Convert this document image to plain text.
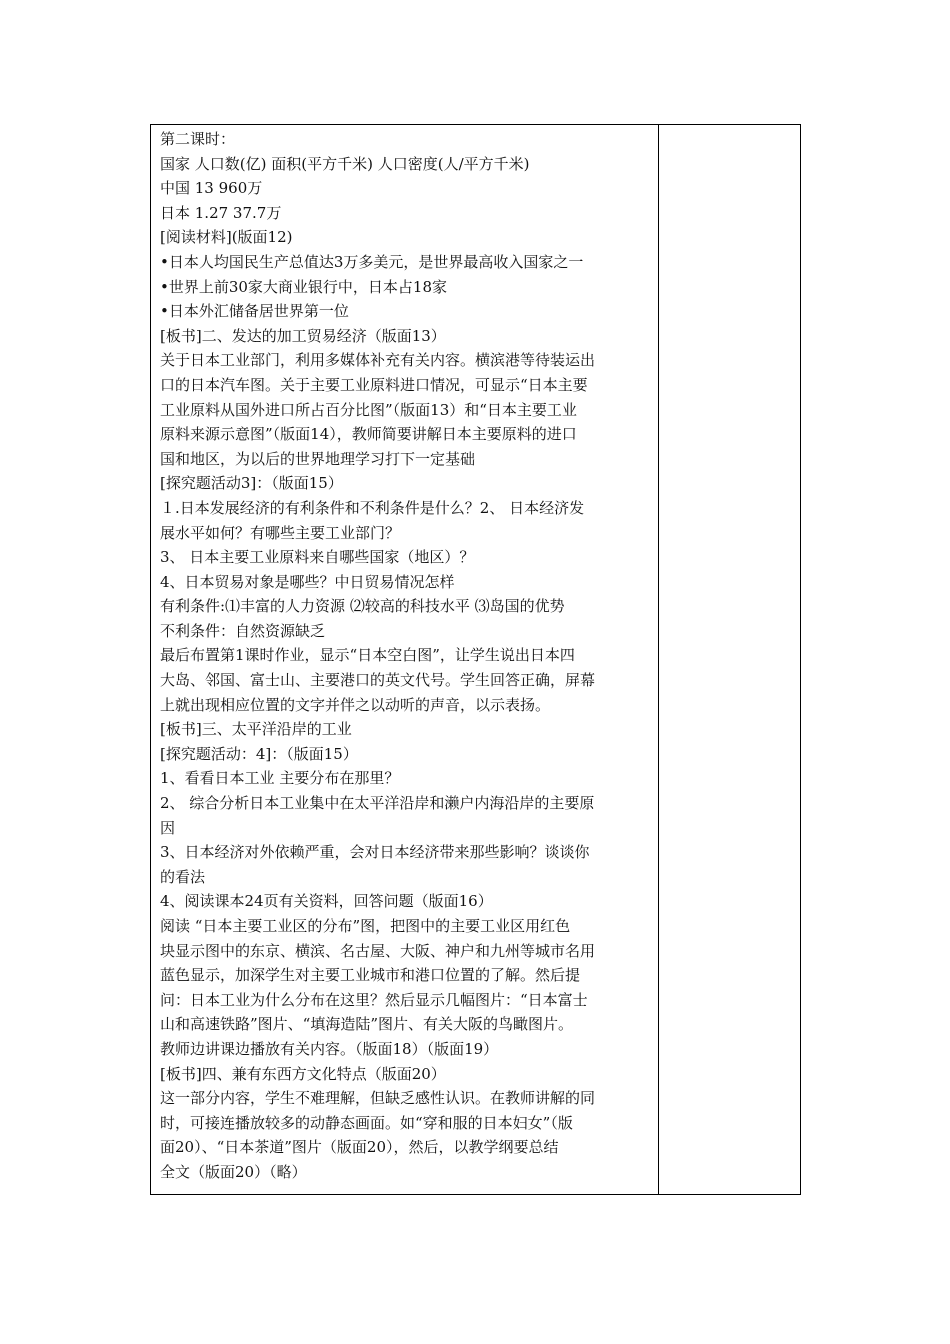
第二课时：
国家 人口数(亿) 面积(平方千米) 人口密度(人/平方千米)
中国 13 960万
日本 1.27 37.7万
[阅读材料](版面12)
•日本人均国民生产总值达3万多美元，是世界最高收入国家之一
•世界上前30家大商业银行中，日本占18家
•日本外汇储备居世界第一位
[板书]二、发达的加工贸易经济（版面13）
关于日本工业部门，利用多媒体补充有关内容。横滨港等待装运出
口的日本汽车图。关于主要工业原料进口情况，可显示“日本主要
工业原料从国外进口所占百分比图”（版面13）和“日本主要工业
原料来源示意图”（版面14），教师简要讲解日本主要原料的进口
国和地区，为以后的世界地理学习打下一定基础
[探究题活动3]：（版面15）
１.日本发展经济的有利条件和不利条件是什么？2、 日本经济发
展水平如何？有哪些主要工业部门？
3、 日本主要工业原料来自哪些国家（地区）？
4、日本贸易对象是哪些？中日贸易情况怎样
有利条件:⑴丰富的人力资源 ⑵较高的科技水平 ⑶岛国的优势
不利条件：自然资源缺乏
最后布置第1课时作业，显示“日本空白图”，让学生说出日本四
大岛、邻国、富士山、主要港口的英文代号。学生回答正确，屏幕
上就出现相应位置的文字并伴之以动听的声音，以示表扬。
[板书]三、太平洋沿岸的工业
[探究题活动：4]：（版面15）
1、看看日本工业 主要分布在那里？
2、 综合分析日本工业集中在太平洋沿岸和濑户内海沿岸的主要原
因
3、日本经济对外依赖严重，会对日本经济带来那些影响？谈谈你
的看法
4、阅读课本24页有关资料，回答问题（版面16）
阅读 “日本主要工业区的分布”图，把图中的主要工业区用红色
块显示图中的东京、横滨、名古屋、大阪、神户和九州等城市名用
蓝色显示，加深学生对主要工业城市和港口位置的了解。然后提
问：日本工业为什么分布在这里？然后显示几幅图片：“日本富士
山和高速铁路”图片、“填海造陆”图片、有关大阪的鸟瞰图片。
教师边讲课边播放有关内容。（版面18）（版面19）
[板书]四、兼有东西方文化特点（版面20）
这一部分内容，学生不难理解，但缺乏感性认识。在教师讲解的同
时，可接连播放较多的动静态画面。如“穿和服的日本妇女”（版
面20）、“日本茶道”图片（版面20），然后，以教学纲要总结
全文（版面20）（略）
